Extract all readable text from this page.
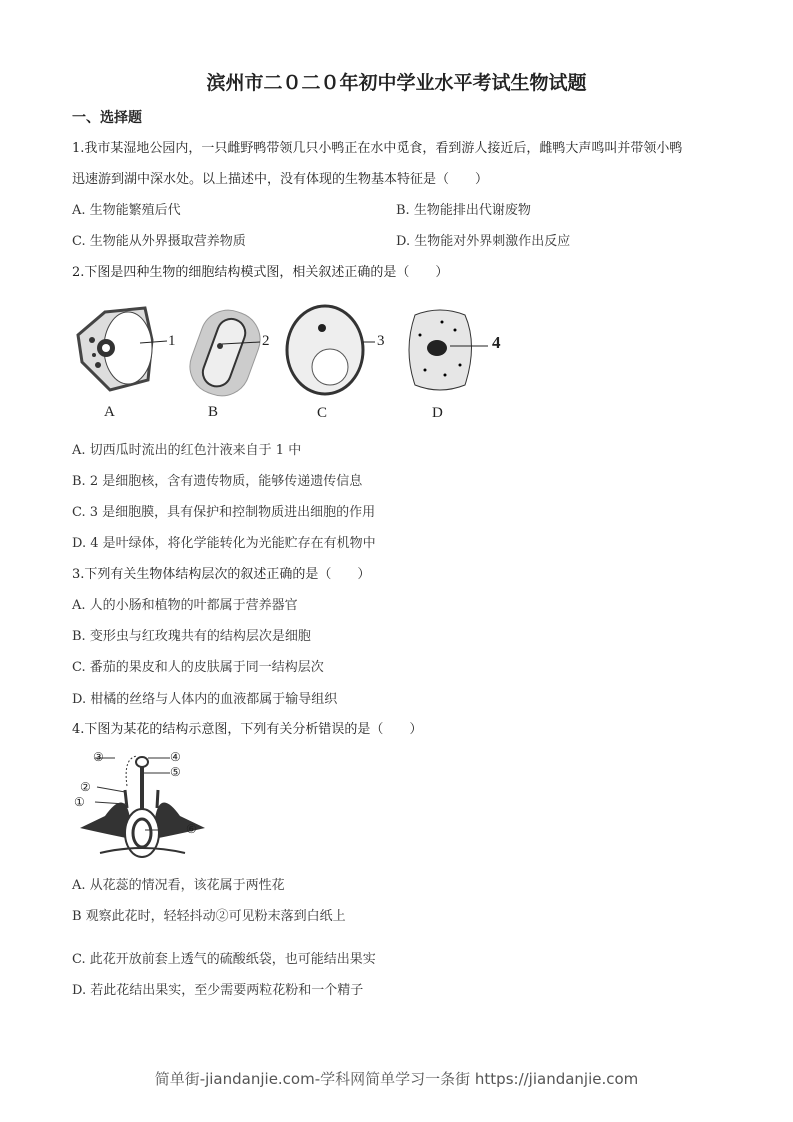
滨州市二０二０年初中学业水平考试生物试题
一、选择题
1.我市某湿地公园内，一只雌野鸭带领几只小鸭正在水中觅食，看到游人接近后，雌鸭大声鸣叫并带领小鸭
迅速游到湖中深水处。以上描述中，没有体现的生物基本特征是（　　）
A. 生物能繁殖后代	B. 生物能排出代谢废物
C. 生物能从外界摄取营养物质	D. 生物能对外界刺激作出反应
2.下图是四种生物的细胞结构模式图，相关叙述正确的是（　　）
1	2	3	4
A	B	C	D
A. 切西瓜时流出的红色汁液来自于 1 中
B. 2 是细胞核，含有遗传物质，能够传递遗传信息
C. 3 是细胞膜，具有保护和控制物质进出细胞的作用
D. 4 是叶绿体，将化学能转化为光能贮存在有机物中
3.下列有关生物体结构层次的叙述正确的是（　　）
A. 人的小肠和植物的叶都属于营养器官
B. 变形虫与红玫瑰共有的结构层次是细胞
C. 番茄的果皮和人的皮肤属于同一结构层次
D. 柑橘的丝络与人体内的血液都属于输导组织
4.下图为某花的结构示意图，下列有关分析错误的是（　　）
③	④
⑤
②
①
⑥
A. 从花蕊的情况看，该花属于两性花
B 观察此花时，轻轻抖动②可见粉末落到白纸上
C. 此花开放前套上透气的硫酸纸袋，也可能结出果实
D. 若此花结出果实，至少需要两粒花粉和一个精子
简单街-jiandanjie.com-学科网简单学习一条街 https://jiandanjie.com
